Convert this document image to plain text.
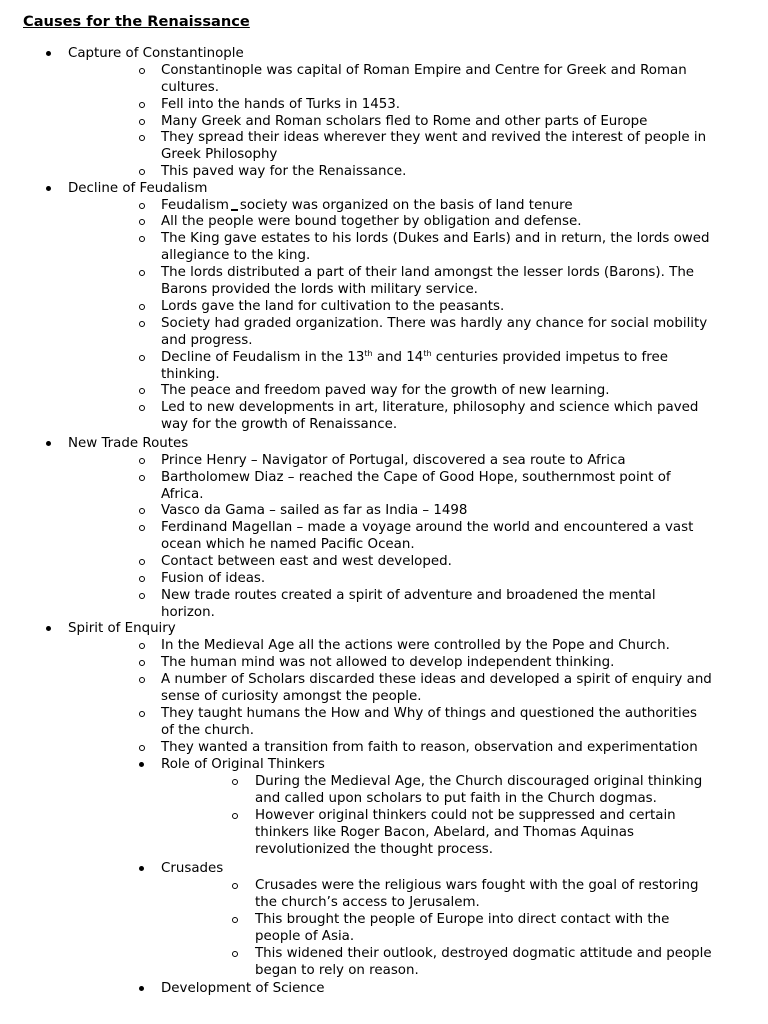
Causes for the Renaissance
Capture of Constantinople
Constantinople was capital of Roman Empire and Centre for Greek and Roman
cultures.
Fell into the hands of Turks in 1453.
Many Greek and Roman scholars fled to Rome and other parts of Europe
They spread their ideas wherever they went and revived the interest of people in
Greek Philosophy
This paved way for the Renaissance.
Decline of Feudalism
Feudalism society was organized on the basis of land tenure
All the people were bound together by obligation and defense.
The King gave estates to his lords (Dukes and Earls) and in return, the lords owed
allegiance to the king.
The lords distributed a part of their land amongst the lesser lords (Barons). The
Barons provided the lords with military service.
Lords gave the land for cultivation to the peasants.
Society had graded organization. There was hardly any chance for social mobility
and progress.
Decline of Feudalism in the 13th and 14th centuries provided impetus to free
thinking.
The peace and freedom paved way for the growth of new learning.
Led to new developments in art, literature, philosophy and science which paved
way for the growth of Renaissance.
New Trade Routes
Prince Henry – Navigator of Portugal, discovered a sea route to Africa
Bartholomew Diaz – reached the Cape of Good Hope, southernmost point of
Africa.
Vasco da Gama – sailed as far as India – 1498
Ferdinand Magellan – made a voyage around the world and encountered a vast
ocean which he named Pacific Ocean.
Contact between east and west developed.
Fusion of ideas.
New trade routes created a spirit of adventure and broadened the mental
horizon.
Spirit of Enquiry
In the Medieval Age all the actions were controlled by the Pope and Church.
The human mind was not allowed to develop independent thinking.
A number of Scholars discarded these ideas and developed a spirit of enquiry and
sense of curiosity amongst the people.
They taught humans the How and Why of things and questioned the authorities
of the church.
They wanted a transition from faith to reason, observation and experimentation
Role of Original Thinkers
During the Medieval Age, the Church discouraged original thinking
and called upon scholars to put faith in the Church dogmas.
However original thinkers could not be suppressed and certain
thinkers like Roger Bacon, Abelard, and Thomas Aquinas
revolutionized the thought process.
Crusades
Crusades were the religious wars fought with the goal of restoring
the church’s access to Jerusalem.
This brought the people of Europe into direct contact with the
people of Asia.
This widened their outlook, destroyed dogmatic attitude and people
began to rely on reason.
Development of Science
